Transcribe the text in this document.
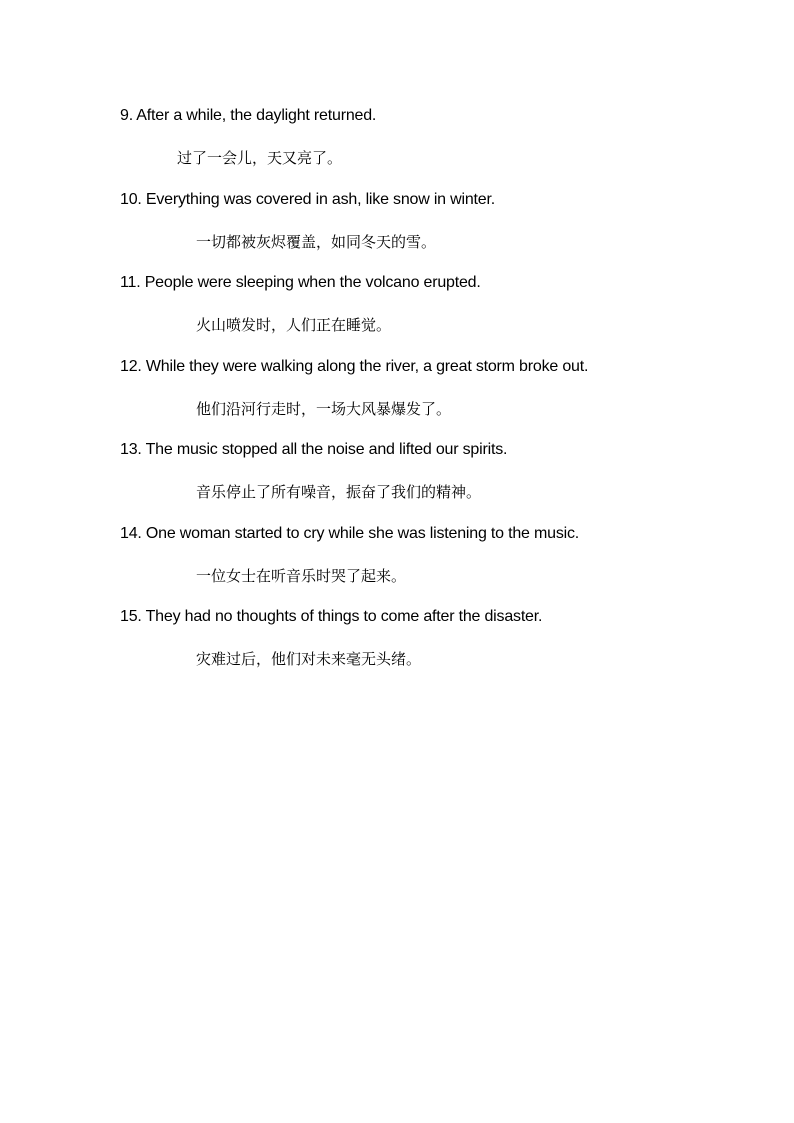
9. After a while, the daylight returned.
过了一会儿，天又亮了。
10. Everything was covered in ash, like snow in winter.
一切都被灰烬覆盖，如同冬天的雪。
11. People were sleeping when the volcano erupted.
火山喷发时，人们正在睡觉。
12. While they were walking along the river, a great storm broke out.
他们沿河行走时，一场大风暴爆发了。
13. The music stopped all the noise and lifted our spirits.
音乐停止了所有噪音，振奋了我们的精神。
14. One woman started to cry while she was listening to the music.
一位女士在听音乐时哭了起来。
15. They had no thoughts of things to come after the disaster.
灾难过后，他们对未来毫无头绪。
